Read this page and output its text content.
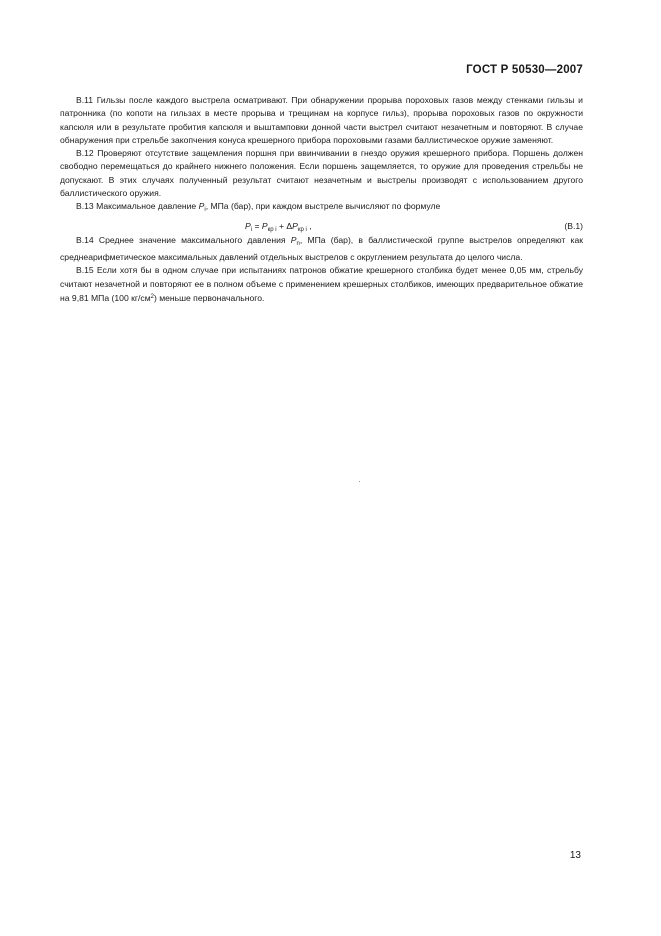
ГОСТ Р 50530—2007

В.11 Гильзы после каждого выстрела осматривают. При обнаружении прорыва пороховых газов между стенками гильзы и патронника (по копоти на гильзах в месте прорыва и трещинам на корпусе гильз), прорыва пороховых газов по окружности капсюля или в результате пробития капсюля и выштамповки донной части выстрел считают незачетным и повторяют. В случае обнаружения при стрельбе закопчения конуса крешерного прибора пороховыми газами баллистическое оружие заменяют.

В.12 Проверяют отсутствие защемления поршня при ввинчивании в гнездо оружия крешерного прибора. Поршень должен свободно перемещаться до крайнего нижнего положения. Если поршень защемляется, то оружие для проведения стрельбы не допускают. В этих случаях полученный результат считают незачетным и выстрелы производят с использованием другого баллистического оружия.

В.13 Максимальное давление $P_i$, МПа (бар), при каждом выстреле вычисляют по формуле

$P_i = P_{кр i} + \Delta P_{кр i}$ ,	(В.1)

В.14 Среднее значение максимального давления $P_n$, МПа (бар), в баллистической группе выстрелов определяют как среднеарифметическое максимальных давлений отдельных выстрелов с округлением результата до целого числа.

В.15 Если хотя бы в одном случае при испытаниях патронов обжатие крешерного столбика будет менее 0,05 мм, стрельбу считают незачетной и повторяют ее в полном объеме с применением крешерных столбиков, имеющих предварительное обжатие на 9,81 МПа (100 $кг/см^2$) меньше первоначального.

13
